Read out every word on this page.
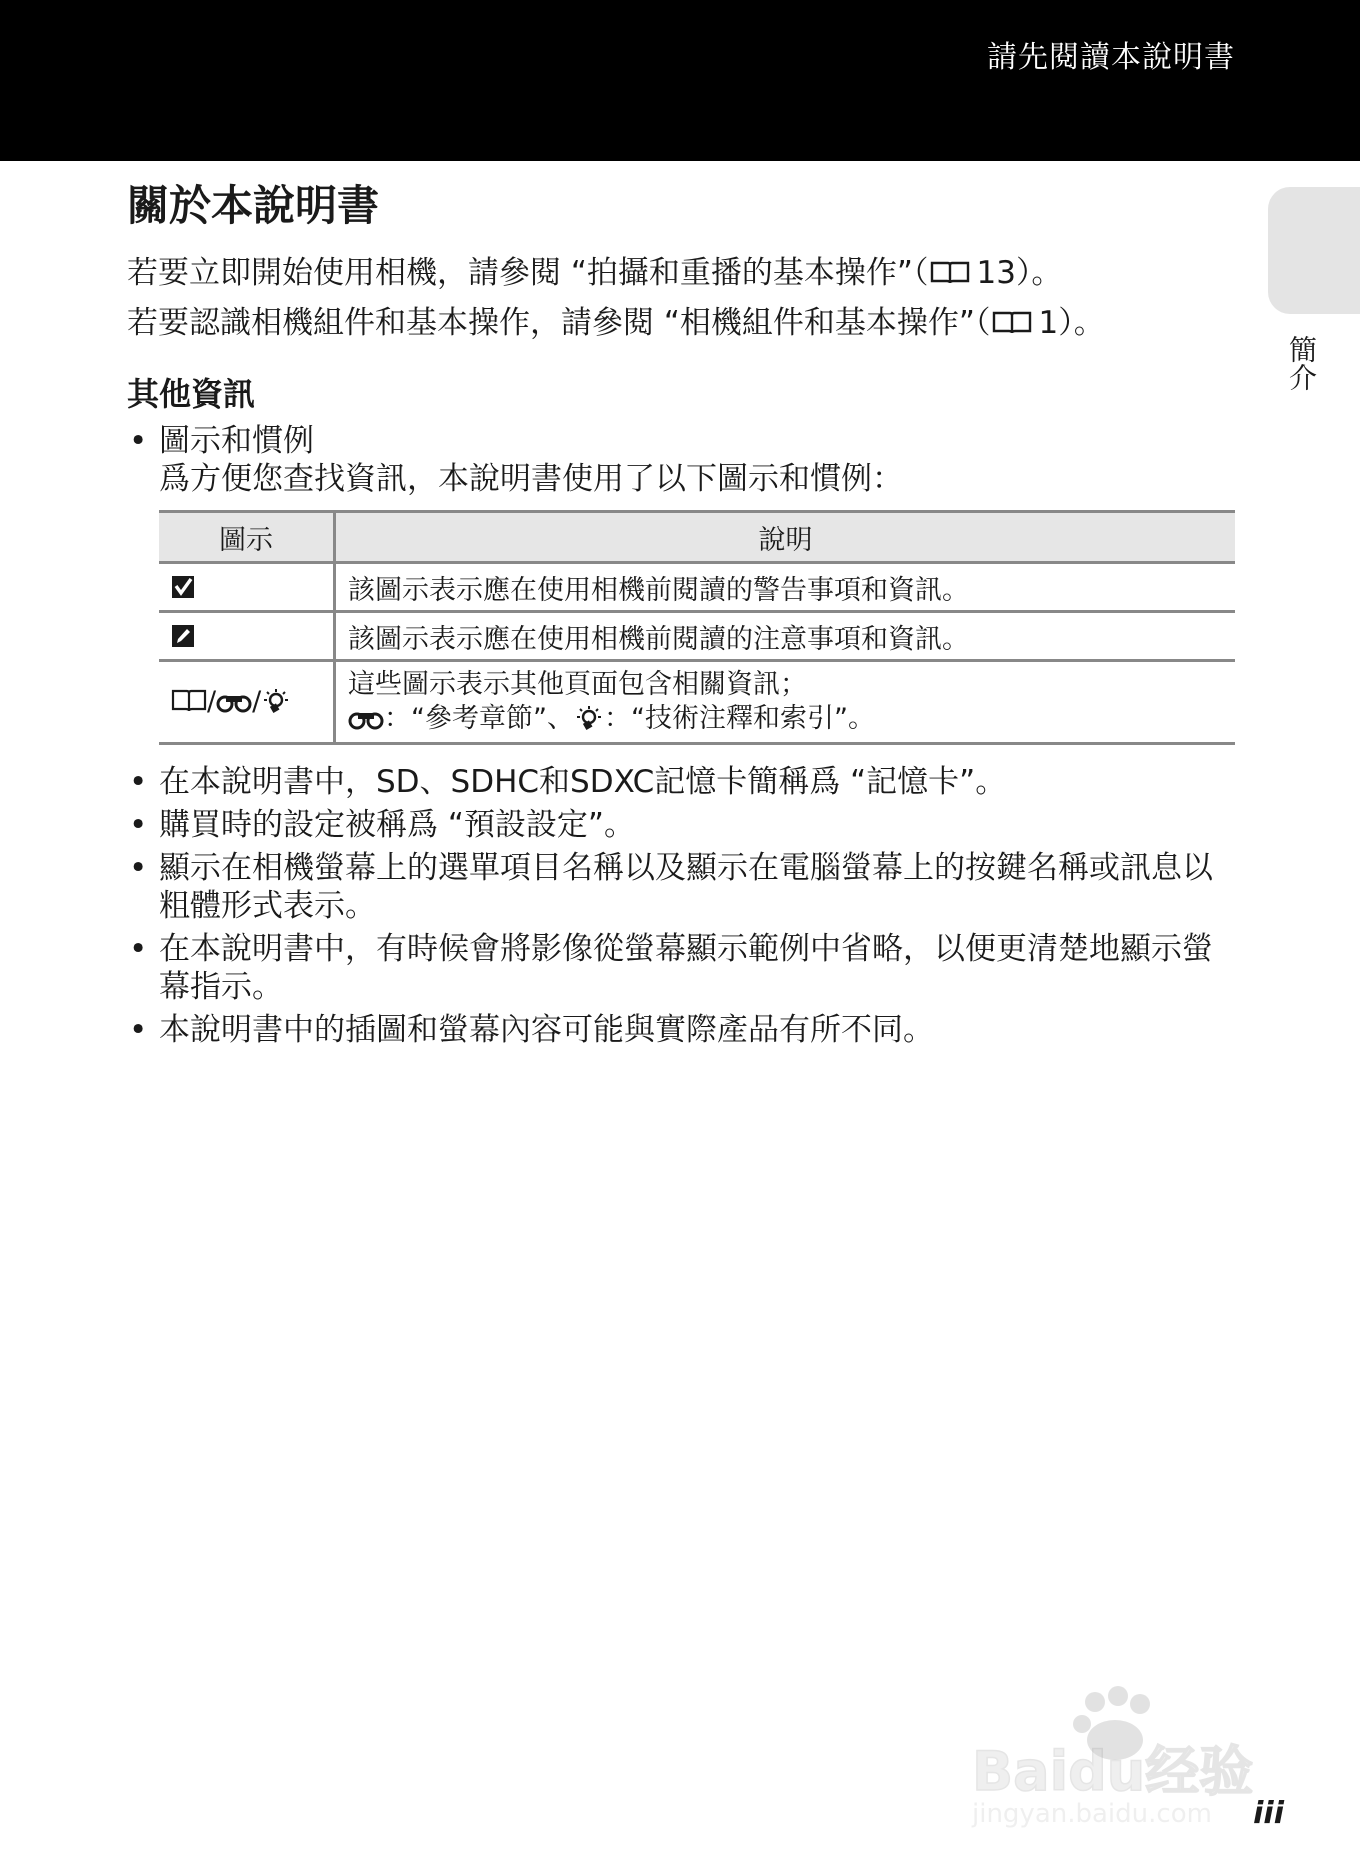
請先閱讀本說明書
簡介
關於本說明書
若要立即開始使用相機，請參閱 “拍攝和重播的基本操作”（ 13）。
若要認識相機組件和基本操作，請參閱 “相機組件和基本操作”（ 1）。
其他資訊
• 圖示和慣例
爲方便您查找資訊，本說明書使用了以下圖示和慣例：
圖示	說明
	該圖示表示應在使用相機前閱讀的警告事項和資訊。
	該圖示表示應在使用相機前閱讀的注意事項和資訊。
/ /	這些圖示表示其他頁面包含相關資訊；
：“參考章節”、 ：“技術注釋和索引”。
• 在本說明書中，SD、SDHC和SDXC記憶卡簡稱爲 “記憶卡”。
• 購買時的設定被稱爲 “預設設定”。
• 顯示在相機螢幕上的選單項目名稱以及顯示在電腦螢幕上的按鍵名稱或訊息以粗體形式表示。
• 在本說明書中，有時候會將影像從螢幕顯示範例中省略，以便更清楚地顯示螢幕指示。
• 本說明書中的插圖和螢幕內容可能與實際產品有所不同。
Baidu经验
jingyan.baidu.com iii
